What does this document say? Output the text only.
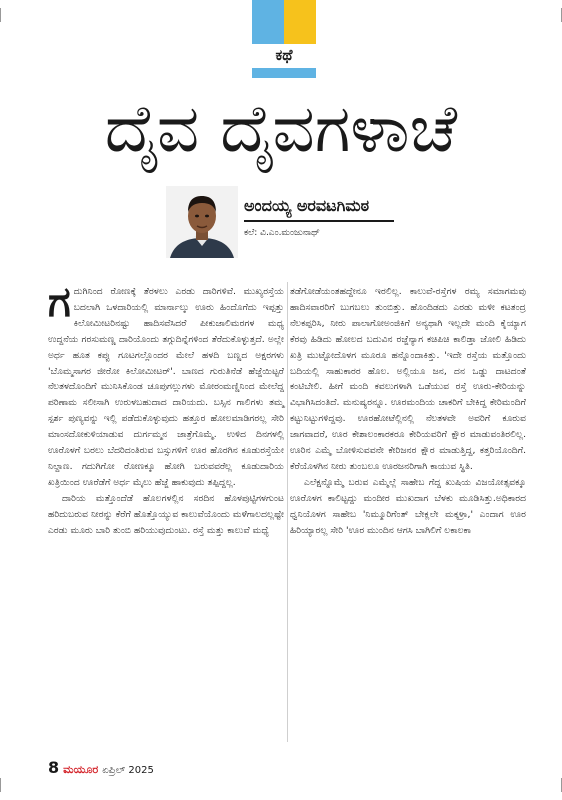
ಕಥೆ
ದೈವ ದೈವಗಳಾಚೆ
ಅಂದಯ್ಯ ಅರವಟಗಿಮಠ
ಕಲೆ: ವಿ.ಎಂ.ಮಂಜುನಾಥ್

ಗದುಗಿನಿಂದ ರೋಣಕ್ಕೆ ತೆರಳಲು ಎರಡು ದಾರಿಗಳಿವೆ. ಮುಖ್ಯರಸ್ತೆಯ ಬದಲಾಗಿ ಒಳದಾರಿಯಲ್ಲಿ ಮಾರ್ನಾಲ್ಕು ಊರು ಹಿಂದೊಗೆದು ಇಪ್ಪತ್ತು ಕಿಲೋಮೀಟರಿನಷ್ಟು ಹಾದಿಸವೆಸಿದರೆ ಪೀಕುಜಾಲಿಮರಗಳ ಮಧ್ಯ ಉದ್ದನೆಯ ಗರಸುಮಣ್ಣ ದಾರಿಯೊಂದು ತಗ್ಗುದಿನ್ನೆಗಳಿಂದ ತೆರೆದುಕೊಳ್ಳುತ್ತದೆ. ಅಲ್ಲೇ ಅರ್ಧ ಹೂತ ಕಪ್ಪು ಗೂಟಗಲ್ಲೊಂದರ ಮೇಲೆ ಹಳದಿ ಬಣ್ಣದ ಅಕ್ಷರಗಳು 'ಬೊಮ್ಮಸಾಗರ ಜೀರೋ ಕಿಲೋಮೀಟರ್'. ಬಾಣದ ಗುರುತಿನೆಡೆ ಹೆಜ್ಜೆಯಿಟ್ಟರೆ ನೆಲತಳದೊಂದಿಗೆ ಮುನಿಸಿಕೊಂಡ ಚೂಪುಗಲ್ಲುಗಳು ಮೋರಂಮಣ್ಣಿನಿಂದ ಮೇಲೆದ್ದ ಪರಿಣಾಮ ಸಲೀಸಾಗಿ ಉರುಳಬಹುದಾದ ದಾರಿಯದು. ಬಸ್ಸಿನ ಗಾಲಿಗಳು ತಮ್ಮ ಸ್ಪರ್ಶ ಪುಣ್ಯವನ್ನು ಇಲ್ಲಿ ಪಡೆದುಕೊಳ್ಳುವುದು ಹತ್ತೂರ ಹೋಲಮಾಡಿಗರಲ್ಲ ಸೇರಿ ಮಾಂಸದೋಕುಳಿಯಾಡುವ ದುರ್ಗಮ್ಮನ ಜಾತ್ರೆಗೊಮ್ಮೆ. ಉಳಿದ ದಿನಗಳಲ್ಲಿ ಊರೊಳಗೆ ಬರಲು ಬೆದರಿದಂತಿರುವ ಬಸ್ಸುಗಳಿಗೆ ಊರ ಹೊರಗಿನ ಕೂಡುರಸ್ತೆಯೇ ನಿಲ್ದಾಣ. ಗದುಗಿಗೋ ರೋಣಕ್ಕೂ ಹೋಗಿ ಬರುವವರೆಲ್ಲ ಕೂಡುದಾರಿಯ ಖತ್ರಿಯಿಂದ ಊರೆಡೆಗೆ ಅರ್ಧ ಮೈಲು ಹೆಜ್ಜೆ ಹಾಕುವುದು ತಪ್ಪಿದ್ದಲ್ಲ.

ದಾರಿಯ ಮತ್ತೊಂದೆಡೆ ಹೊಲಗಳಲ್ಲಿನ ಸರದಿನ ಹೊಳಪುಟ್ಟಿಗಳಗುಂಟ ಹರಿದುಬರುವ ನೀರನ್ನು ಕೆರೆಗೆ ಹೊತ್ತೊಯ್ಯುವ ಕಾಲುವೆಯೊಂದು ಮಳೆಗಾಲದಲ್ಲಷ್ಟೇ ಎರಡು ಮೂರು ಬಾರಿ ತುಂಬಿ ಹರಿಯುವುದುಂಟು. ರಸ್ತೆ ಮತ್ತು ಕಾಲುವೆ ಮಧ್ಯೆ

ತಡೆಗೋಡೆಯಂತಹದ್ದೇನೂ ಇರಲಿಲ್ಲ. ಕಾಲುವೆ-ರಸ್ತೆಗಳ ರಮ್ಯ ಸಮಾಗಮವು ಹಾದಿಸವಾರರಿಗೆ ಬುಗಬಲು ತುಂಬಿತ್ತು. ಹೊಂದಿಡದು ಎರಡು ಮಳೀ ಕಟತಂದ್ರ ನೆಲಕಪ್ಪರಿಸಿ, ನೀರು ಪಾಲಾಗೋಅಂಜಿಕಿಗೆ ಅನ್ಯಥಾಗಿ ಇಲ್ಲದೇ ಮಂದಿ ಕೈಯ್ಯಾಗ ಕೆರವು ಹಿಡಿದು ಹೋಲದ ಬದುವಿನ ರಜ್ಜೆನ್ಯಾಗ ಕಚಿಪಿಚಿ ಕಾಲಿಡ್ತಾ ಜೋಲಿ ಹಿಡಿದು ಖತ್ರಿ ಮುಟ್ಟೋದೊಳಗ ಮೂರೂ ಹನ್ನೊಂದಾಕಿತ್ತು. 'ಇದೇ ರಸ್ತೆಯ ಮತ್ತೊಂದು ಬದಿಯಲ್ಲಿ ಸಾಹುಕಾರರ ಹೊಲ. ಅಲ್ಲಿಯೂ ಜನ, ದನ ಒಡ್ಡು ದಾಟದಂತೆ ಕಂಟಿಬೇಲಿ. ಹೀಗೆ ಮಂದಿ ಕವಲುಗಳಾಗಿ ಒಡೆಯುವ ರಸ್ತೆ ಊರು-ಕೇರಿಯನ್ನು ವಿಭಾಗಿಸಿದಂತಿದೆ. ಮನುಷ್ಯರನ್ನೂ. ಊರಮಂದಿಯ ಚಾಕರಿಗೆ ಬೇಕಿದ್ದ ಕೇರಿಮಂದಿಗೆ ಕಟ್ಟುನಿಟ್ಟುಗಳಿದ್ದವು. ಊರಹೋಟೆಲ್ಲಿನಲ್ಲಿ ನೆಲತಳವೇ ಅವರಿಗೆ ಕೂರುವ ಜಾಗವಾದರೆ, ಊರ ಕೇಶಾಲಂಕಾರಕರೂ ಕೇರಿಯವರಿಗೆ ಕ್ಷೌರ ಮಾಡುವಂತಿರಲಿಲ್ಲ. ಊರಿನ ಎಮ್ಮೆ ಬೋಳಿಸುವವನೇ ಕೇರಿಜನರ ಕ್ಷೌರ ಮಾಡುತ್ತಿದ್ದ, ಕತ್ತರಿಯೊಂದಿಗೆ. ಕೆರೆಯೊಳಗಿನ ನೀರು ತುಂಬಲೂ ಊರಜನರಿಗಾಗಿ ಕಾಯುವ ಸ್ಥಿತಿ.

ಎಲೆಕ್ಷನ್ನೊಮ್ಮೆ ಬರುವ ಎಮ್ಮೆಲ್ಲೆ ಸಾಹೇಬ ಗೆದ್ದ ಖುಷಿಯ ವಿಜಯೋತ್ಸವಕ್ಕೂ ಊರೊಳಗ ಕಾಲಿಟ್ಟದ್ದು ಮಂದೀರ ಮುಖದಾಗ ಬೆಳಕು ಮೂಡಿಸಿತ್ತು.ಅಧಿಕಾರದ ಧ್ವನಿಯೊಳಗ ಸಾಹೇಬ 'ನಿಮ್ಮೂರಿಗೆಂತ್ ಬೇಕ್ಲಲೇ ಮಕ್ಕಳ್ರಾ,' ಎಂದಾಗ ಊರ ಹಿರಿಯ್ಯಾರಲ್ಲ ಸೇರಿ 'ಊರ ಮುಂದಿನ ಆಗಸಿ ಬಾಗಿಲಿಗೆ ಲಕಾಲಕಾ

8 ಮಯೂರ ಏಪ್ರಿಲ್ 2025
